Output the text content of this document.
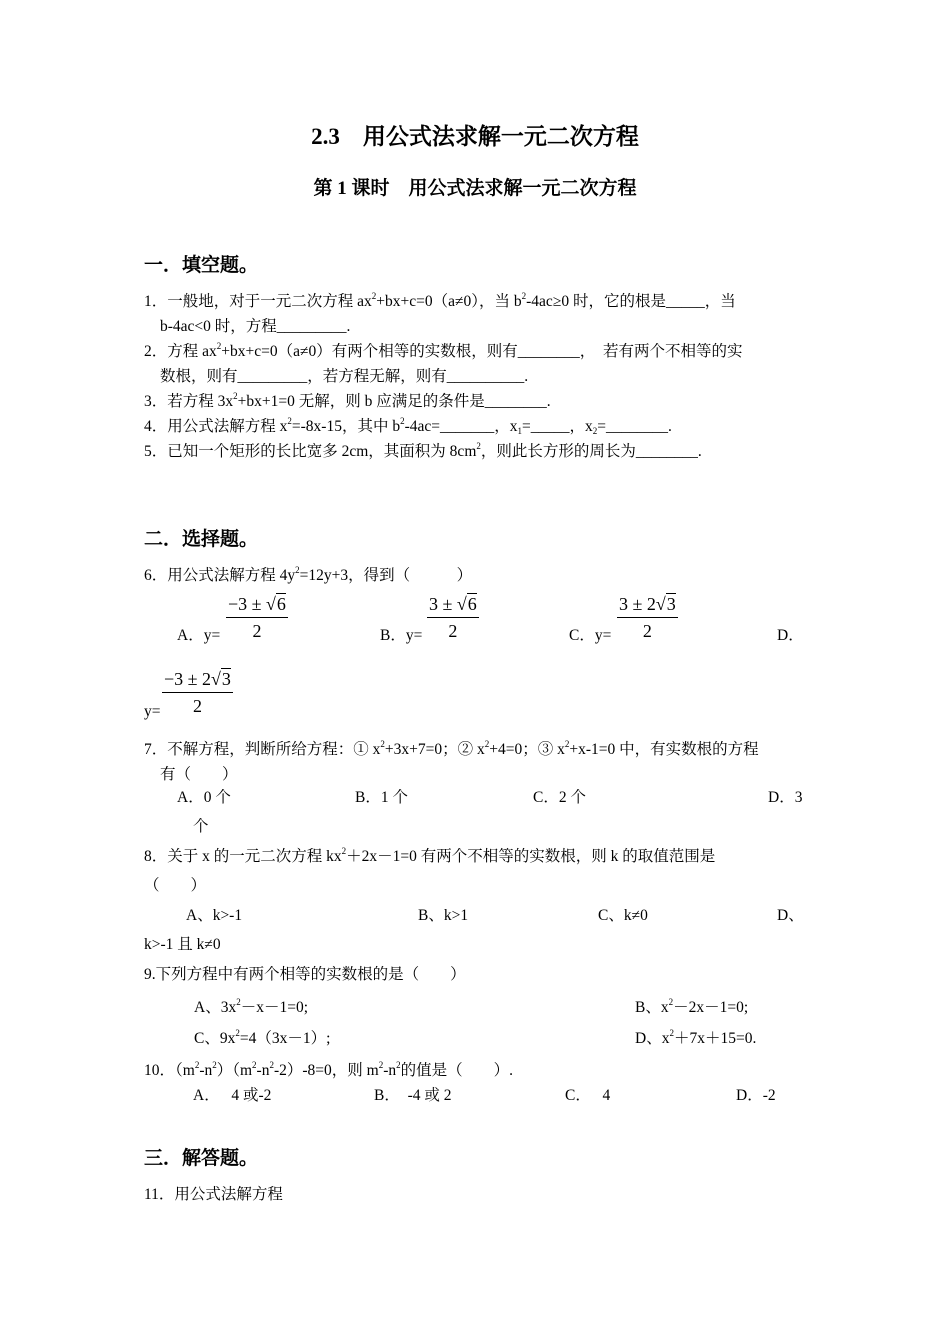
2.3　用公式法求解一元二次方程
第 1 课时　用公式法求解一元二次方程
一．填空题。
1．一般地，对于一元二次方程 $ax^2+bx+c=0(a\ne 0)$，当 $b^2-4ac\ge 0$ 时，它的根是_____，当
b-4ac<0 时，方程_________.
2．方程 $ax^2+bx+c=0(a\ne 0)$有两个相等的实数根，则有________，　若有两个不相等的实
数根，则有_________，若方程无解，则有__________.
3．若方程 $3x^2+bx+1=0$ 无解，则 b 应满足的条件是________.
4．用公式法解方程 $x^2=-8x-15$，其中 $b^2-4ac=\_\_\_\_\_\_\_$，$x_1=\_\_\_\_\_$，$x_2=\_\_\_\_\_\_\_\_$.
5．已知一个矩形的长比宽多 2cm，其面积为 $8cm^2$，则此长方形的周长为________.
二．选择题。
6．用公式法解方程 $4y^2=12y+3$，得到（　　　）
A．$y= \frac{-3 \pm √6}{2}$	B．$y= \frac{3 \pm √6}{2}$	C．$y= \frac{3 \pm 2√3}{2}$	D．
$y= \frac{-3 \pm 2√3}{2}$
7．不解方程，判断所给方程：① $x^2+3x+7=0$；② $x^2+4=0$；③ $x^2+x-1=0$ 中，有实数根的方程
有（　　）
A．0 个	B．1 个	C．2 个	D．3
个
8．关于 x 的一元二次方程 $kx^2+2x-1=0$ 有两个不相等的实数根，则 k 的取值范围是
（　　）
A、k>-1	B、k>1	C、k≠0	D、
k>-1 且 k≠0
9.下列方程中有两个相等的实数根的是（　　）
A、$3x^2-x-1=0$;	B、$x^2-2x-1=0$;
C、$9x^2=4(3x-1)$;	D、$x^2+7x+15=0$.
10．$(m^2-n^2)(m^2-n^2-2)-8=0$，则 $m^2-n^2$的值是（　　）.
A．　 4 或-2	B．　-4 或 2	C．　 4	D．-2
三．解答题。
11．用公式法解方程
